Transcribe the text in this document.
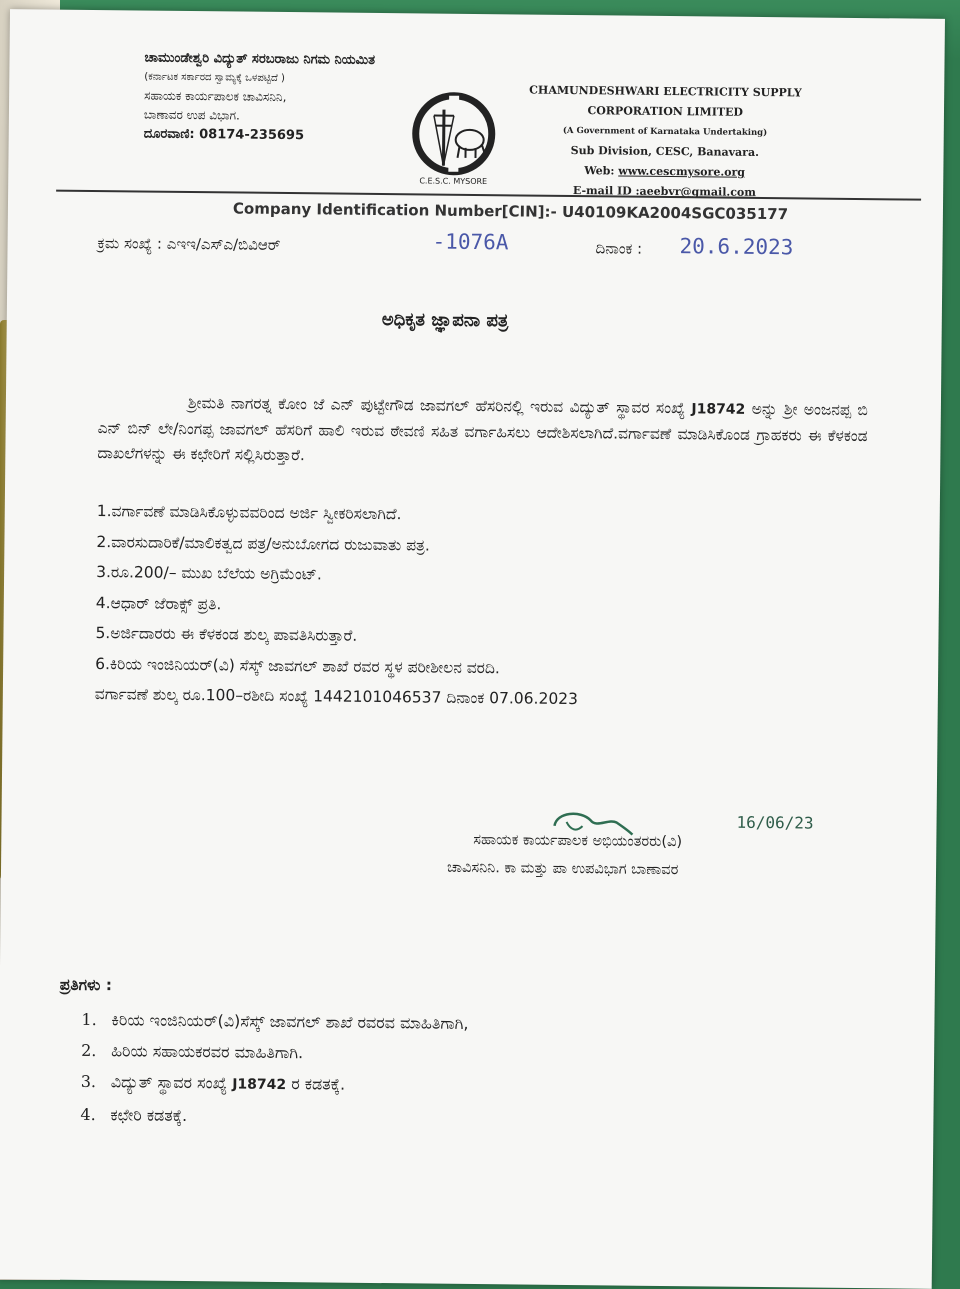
ಚಾಮುಂಡೇಶ್ವರಿ ವಿದ್ಯುತ್ ಸರಬರಾಜು ನಿಗಮ ನಿಯಮಿತ
(ಕರ್ನಾಟಕ ಸರ್ಕಾರದ ಸ್ವಾಮ್ಯಕ್ಕೆ ಒಳಪಟ್ಟಿದೆ )
ಸಹಾಯಕ ಕಾರ್ಯಪಾಲಕ ಚಾವಿಸನಿನಿ,
ಬಾಣಾವರ ಉಪ ವಿಭಾಗ.
ದೂರವಾಣಿ: 08174-235695
C.E.S.C. MYSORE
CHAMUNDESHWARI ELECTRICITY SUPPLY
CORPORATION LIMITED
(A Government of Karnataka Undertaking)
Sub Division, CESC, Banavara.
Web: www.cescmysore.org
E-mail ID :aeebvr@gmail.com
Company Identification Number[CIN]:- U40109KA2004SGC035177
ಕ್ರಮ ಸಂಖ್ಯೆ : ಎಇಇ/ಎಸ್ಎ/ಬಿವಿಆರ್	-1076A	ದಿನಾಂಕ : 20.6.2023
ಅಧಿಕೃತ ಜ್ಞಾಪನಾ ಪತ್ರ

ಶ್ರೀಮತಿ ನಾಗರತ್ನ ಕೋಂ ಜೆ ಎನ್ ಪುಟ್ಟೇಗೌಡ ಜಾವಗಲ್ ಹೆಸರಿನಲ್ಲಿ ಇರುವ ವಿದ್ಯುತ್ ಸ್ಥಾವರ ಸಂಖ್ಯೆ J18742 ಅನ್ನು ಶ್ರೀ ಅಂಜನಪ್ಪ ಬಿ ಎನ್ ಬಿನ್ ಲೇ/ನಿಂಗಪ್ಪ ಜಾವಗಲ್ ಹೆಸರಿಗೆ ಹಾಲಿ ಇರುವ ಠೇವಣಿ ಸಹಿತ ವರ್ಗಾಹಿಸಲು ಆದೇಶಿಸಲಾಗಿದೆ.ವರ್ಗಾವಣೆ ಮಾಡಿಸಿಕೊಂಡ ಗ್ರಾಹಕರು ಈ ಕೆಳಕಂಡ ದಾಖಲೆಗಳನ್ನು ಈ ಕಛೇರಿಗೆ ಸಲ್ಲಿಸಿರುತ್ತಾರೆ.

1.ವರ್ಗಾವಣೆ ಮಾಡಿಸಿಕೊಳ್ಳುವವರಿಂದ ಅರ್ಜಿ ಸ್ವೀಕರಿಸಲಾಗಿದೆ.
2.ವಾರಸುದಾರಿಕೆ/ಮಾಲಿಕತ್ವದ ಪತ್ರ/ಅನುಬೋಗದ ರುಜುವಾತು ಪತ್ರ.
3.ರೂ.200/– ಮುಖ ಬೆಲೆಯ ಅಗ್ರಿಮೆಂಟ್.
4.ಆಧಾರ್ ಜೆರಾಕ್ಸ್ ಪ್ರತಿ.
5.ಅರ್ಜಿದಾರರು ಈ ಕೆಳಕಂಡ ಶುಲ್ಕ ಪಾವತಿಸಿರುತ್ತಾರೆ.
6.ಕಿರಿಯ ಇಂಜಿನಿಯರ್(ವಿ) ಸೆಸ್ಕ್ ಜಾವಗಲ್ ಶಾಖೆ ರವರ ಸ್ಥಳ ಪರೀಶೀಲನ ವರದಿ.
ವರ್ಗಾವಣೆ ಶುಲ್ಕ ರೂ.100–ರಶೀದಿ ಸಂಖ್ಯೆ 1442101046537 ದಿನಾಂಕ 07.06.2023
16/06/23
ಸಹಾಯಕ ಕಾರ್ಯಪಾಲಕ ಅಭಿಯಂತರರು(ವಿ)
ಚಾವಿಸನಿನಿ. ಕಾ ಮತ್ತು ಪಾ ಉಪವಿಭಾಗ ಬಾಣಾವರ
ಪ್ರತಿಗಳು :
1. ಕಿರಿಯ ಇಂಜಿನಿಯರ್(ವಿ)ಸೆಸ್ಕ್ ಜಾವಗಲ್ ಶಾಖೆ ರವರವ ಮಾಹಿತಿಗಾಗಿ,
2. ಹಿರಿಯ ಸಹಾಯಕರವರ ಮಾಹಿತಿಗಾಗಿ.
3. ವಿದ್ಯುತ್ ಸ್ಥಾವರ ಸಂಖ್ಯೆ J18742 ರ ಕಡತಕ್ಕೆ.
4. ಕಛೇರಿ ಕಡತಕ್ಕೆ.
